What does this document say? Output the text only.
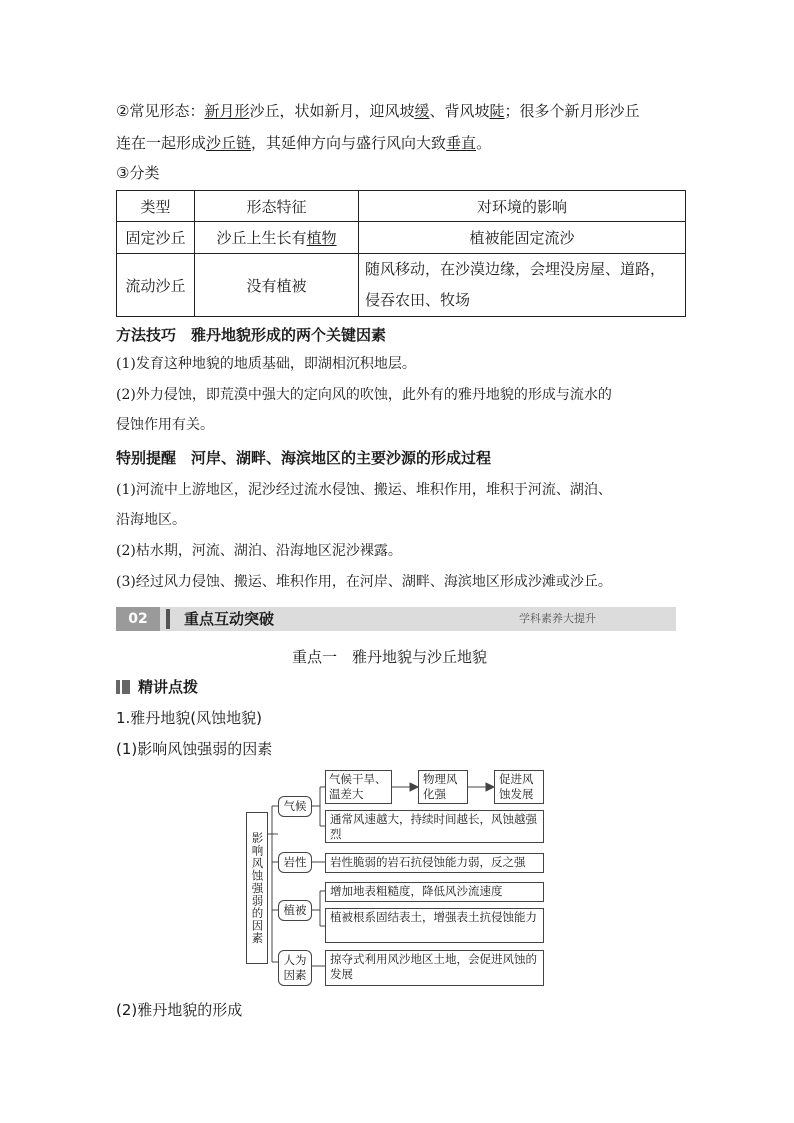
②常见形态：新月形沙丘，状如新月，迎风坡缓、背风坡陡；很多个新月形沙丘
连在一起形成沙丘链，其延伸方向与盛行风向大致垂直。
③分类
类型	形态特征	对环境的影响
固定沙丘	沙丘上生长有植物	植被能固定流沙
流动沙丘	没有植被	随风移动，在沙漠边缘，会埋没房屋、道路，
侵吞农田、牧场
方法技巧　雅丹地貌形成的两个关键因素
(1)发育这种地貌的地质基础，即湖相沉积地层。
(2)外力侵蚀，即荒漠中强大的定向风的吹蚀，此外有的雅丹地貌的形成与流水的
侵蚀作用有关。
特别提醒　河岸、湖畔、海滨地区的主要沙源的形成过程
(1)河流中上游地区，泥沙经过流水侵蚀、搬运、堆积作用，堆积于河流、湖泊、
沿海地区。
(2)枯水期，河流、湖泊、沿海地区泥沙裸露。
(3)经过风力侵蚀、搬运、堆积作用，在河岸、湖畔、海滨地区形成沙滩或沙丘。
02	重点互动突破	学科素养大提升
重点一　雅丹地貌与沙丘地貌
精讲点拨
1.雅丹地貌(风蚀地貌)
(1)影响风蚀强弱的因素
影响风蚀强弱的因素
气候
气候干旱、温差大
物理风化强
促进风蚀发展
通常风速越大，持续时间越长，风蚀越强烈
岩性	岩性脆弱的岩石抗侵蚀能力弱，反之强
植被
增加地表粗糙度，降低风沙流速度
植被根系固结表土，增强表土抗侵蚀能力
人为因素
掠夺式利用风沙地区土地，会促进风蚀的发展
(2)雅丹地貌的形成
